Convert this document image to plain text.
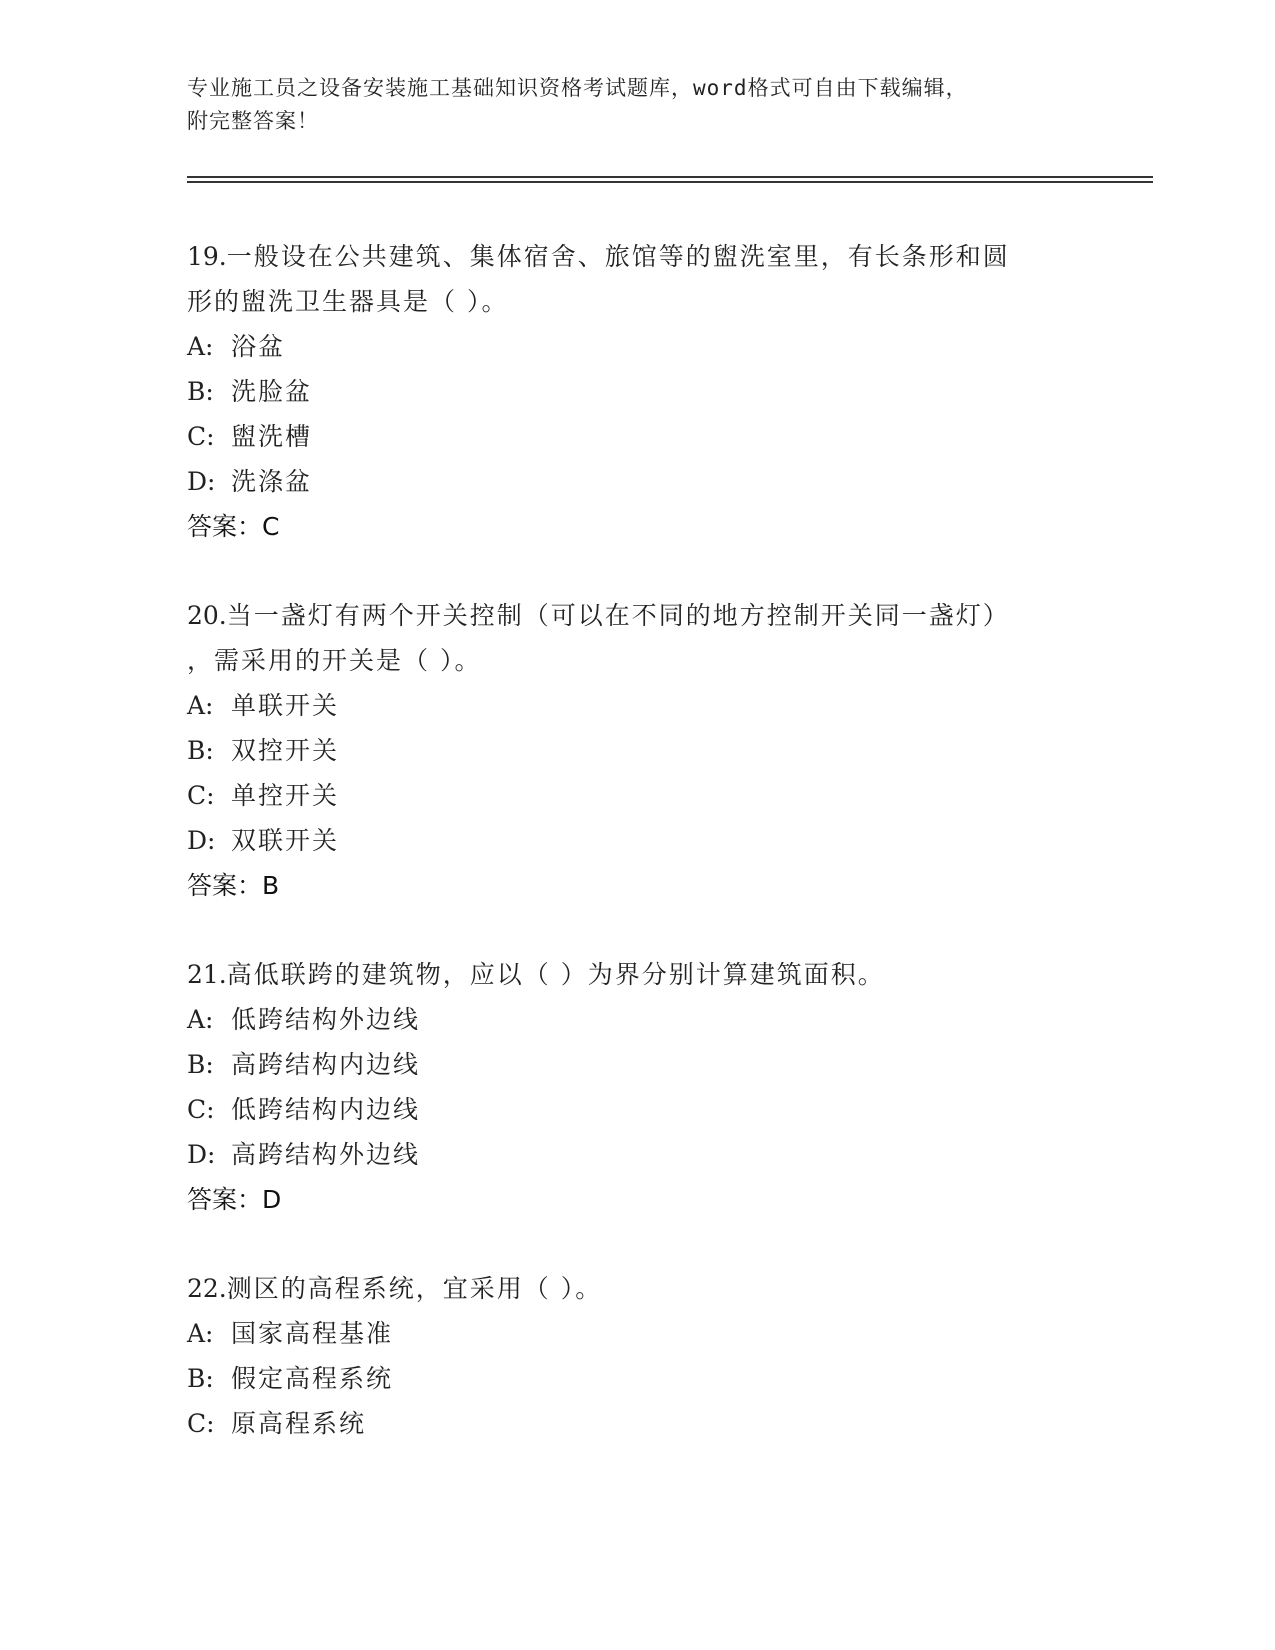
专业施工员之设备安装施工基础知识资格考试题库，word格式可自由下载编辑，
附完整答案！
19.一般设在公共建筑、集体宿舍、旅馆等的盥洗室里，有长条形和圆
形的盥洗卫生器具是（ ）。
A: 浴盆
B: 洗脸盆
C: 盥洗槽
D: 洗涤盆
答案：C
20.当一盏灯有两个开关控制（可以在不同的地方控制开关同一盏灯）
，需采用的开关是（ ）。
A: 单联开关
B: 双控开关
C: 单控开关
D: 双联开关
答案：B
21.高低联跨的建筑物，应以（ ）为界分别计算建筑面积。
A: 低跨结构外边线
B: 高跨结构内边线
C: 低跨结构内边线
D: 高跨结构外边线
答案：D
22.测区的高程系统，宜采用（ ）。
A: 国家高程基准
B: 假定高程系统
C: 原高程系统
